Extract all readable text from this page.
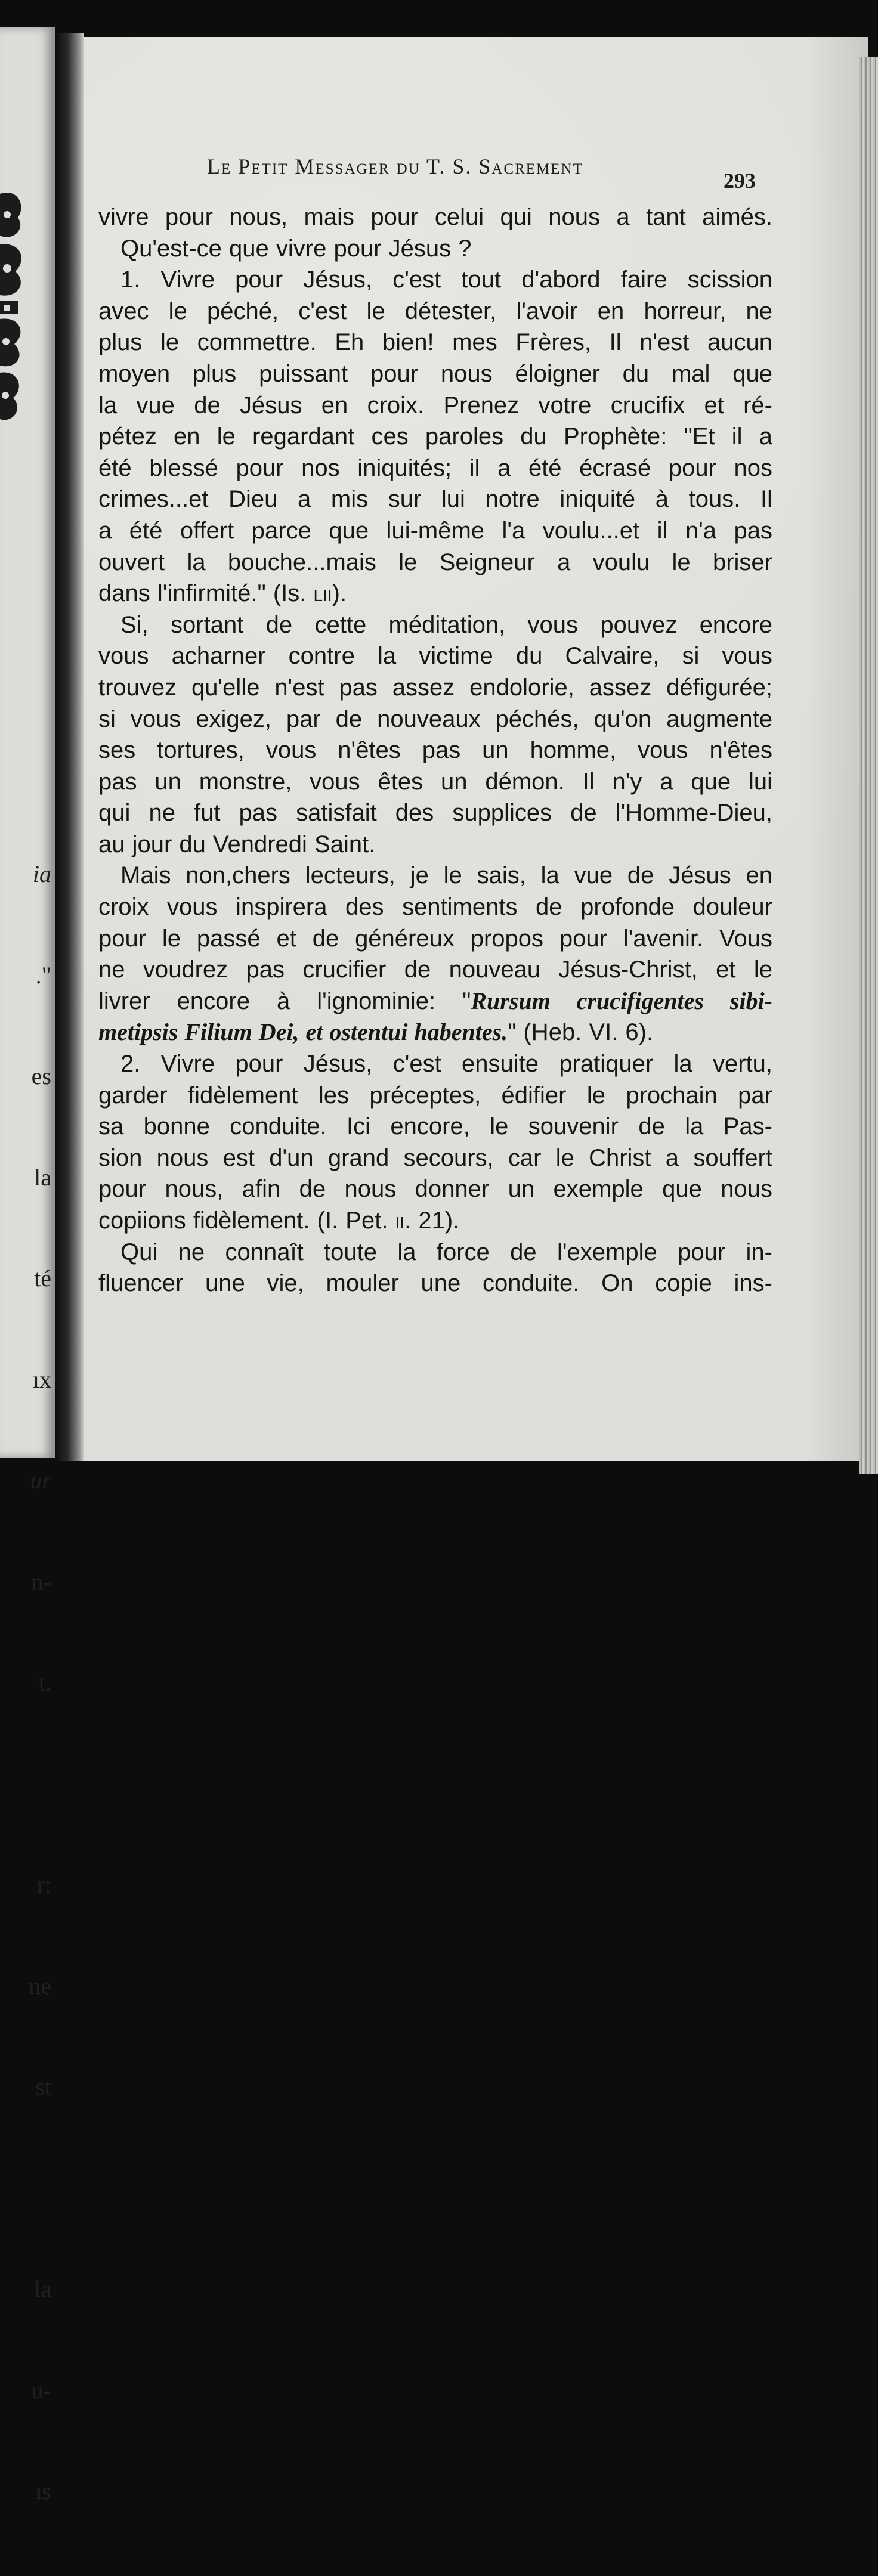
ia

."

es

la

té

ıx

ur

n-

t.

r:

ne

st

la

u-

ıs

Le Petit Messager du T. S. Sacrement
293
vivre pour nous, mais pour celui qui nous a tant aimés.
Qu'est-ce que vivre pour Jésus ?
1. Vivre pour Jésus, c'est tout d'abord faire scission
avec le péché, c'est le détester, l'avoir en horreur, ne
plus le commettre. Eh bien! mes Frères, Il n'est aucun
moyen plus puissant pour nous éloigner du mal que
la vue de Jésus en croix. Prenez votre crucifix et ré-
pétez en le regardant ces paroles du Prophète: "Et il a
été blessé pour nos iniquités; il a été écrasé pour nos
crimes...et Dieu a mis sur lui notre iniquité à tous. Il
a été offert parce que lui-même l'a voulu...et il n'a pas
ouvert la bouche...mais le Seigneur a voulu le briser
dans l'infirmité." (Is. lii).
Si, sortant de cette méditation, vous pouvez encore
vous acharner contre la victime du Calvaire, si vous
trouvez qu'elle n'est pas assez endolorie, assez défigurée;
si vous exigez, par de nouveaux péchés, qu'on augmente
ses tortures, vous n'êtes pas un homme, vous n'êtes
pas un monstre, vous êtes un démon. Il n'y a que lui
qui ne fut pas satisfait des supplices de l'Homme-Dieu,
au jour du Vendredi Saint.
Mais non,chers lecteurs, je le sais, la vue de Jésus en
croix vous inspirera des sentiments de profonde douleur
pour le passé et de généreux propos pour l'avenir. Vous
ne voudrez pas crucifier de nouveau Jésus-Christ, et le
livrer encore à l'ignominie: "Rursum crucifigentes sibi-
metipsis Filium Dei, et ostentui habentes." (Heb. VI. 6).
2. Vivre pour Jésus, c'est ensuite pratiquer la vertu,
garder fidèlement les préceptes, édifier le prochain par
sa bonne conduite. Ici encore, le souvenir de la Pas-
sion nous est d'un grand secours, car le Christ a souffert
pour nous, afin de nous donner un exemple que nous
copiions fidèlement. (I. Pet. ii. 21).
Qui ne connaît toute la force de l'exemple pour in-
fluencer une vie, mouler une conduite. On copie ins-
